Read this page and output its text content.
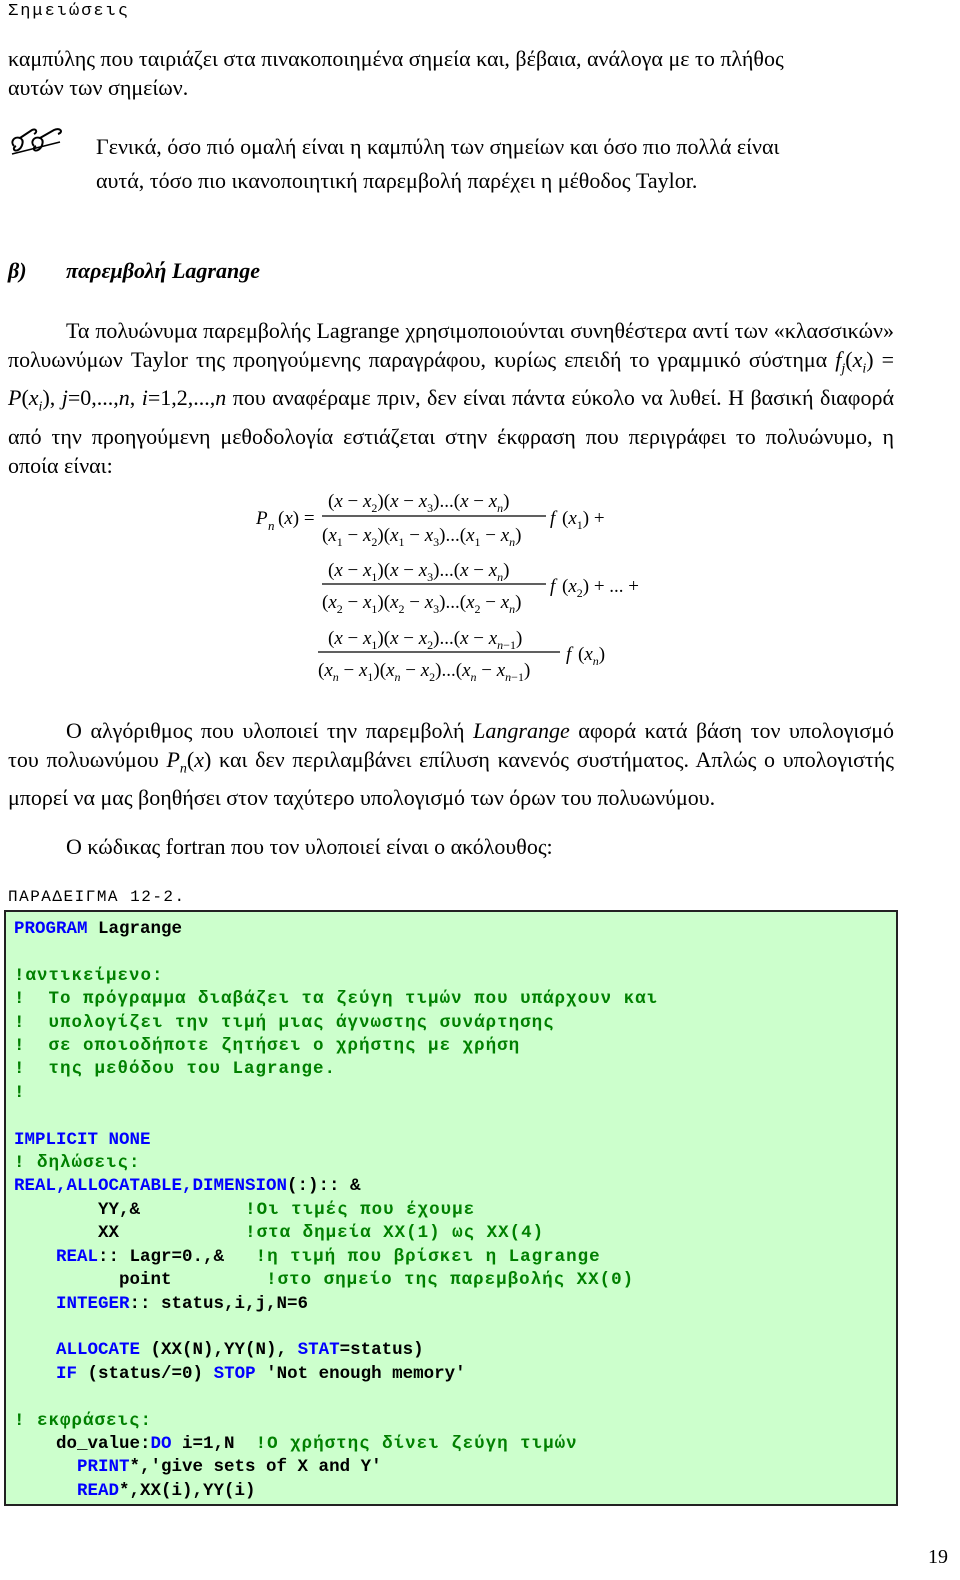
Σημειώσεις
καμπύλης που ταιριάζει στα πινακοποιημένα σημεία και, βέβαια, ανάλογα με το πλήθος
αυτών των σημείων.
Γενικά, όσο πιό ομαλή είναι η καμπύλη των σημείων και όσο πιο πολλά είναι
αυτά, τόσο πιο ικανοποιητική παρεμβολή παρέχει η μέθοδος Taylor.
β) παρεμβολή Lagrange
Τα πολυώνυμα παρεμβολής Lagrange χρησιμοποιούνται συνηθέστερα αντί των «κλασσικών» πολυωνύμων Taylor της προηγούμενης παραγράφου, κυρίως επειδή το γραμμικό σύστημα $f_j(x_i) = P(x_i)$, j=0,...,n, i=1,2,...,n που αναφέραμε πριν, δεν είναι πάντα εύκολο να λυθεί. Η βασική διαφορά από την προηγούμενη μεθοδολογία εστιάζεται στην έκφραση που περιγράφει το πολυώνυμο, η οποία είναι:
P n (x) =
$(x - x_2)(x - x_3)...(x - x_n)$
$(x_1 - x_2)(x_1 - x_3)...(x_1 - x_n)$
f $(x_1)$ +
$(x - x_1)(x - x_3)...(x - x_n)$
$(x_2 - x_1)(x_2 - x_3)...(x_2 - x_n)$
f $(x_2)$ + ... +
$(x - x_1)(x - x_2)...(x - x_{n-1})$
$(x_n - x_1)(x_n - x_2)...(x_n - x_{n-1})$
f $(x_n)$
Ο αλγόριθμος που υλοποιεί την παρεμβολή Langrange αφορά κατά βάση τον υπολογισμό του πολυωνύμου $P_n(x)$ και δεν περιλαμβάνει επίλυση κανενός συστήματος. Απλώς ο υπολογιστής μπορεί να μας βοηθήσει στον ταχύτερο υπολογισμό των όρων του πολυωνύμου.
Ο κώδικας fortran που τον υλοποιεί είναι ο ακόλουθος:
ΠΑΡΑΔΕΙΓΜΑ 12-2.
PROGRAM Lagrange

!αντικείμενο:
!  Το πρόγραμμα διαβάζει τα ζεύγη τιμών που υπάρχουν και
!  υπολογίζει την τιμή μιας άγνωστης συνάρτησης
!  σε οποιοδήποτε ζητήσει ο χρήστης με χρήση
!  της μεθόδου του Lagrange.
!

IMPLICIT NONE
! δηλώσεις:
REAL,ALLOCATABLE,DIMENSION(:):: &
YY,&	!Οι τιμές που έχουμε
XX	!στα δημεία XX(1) ως XX(4)
REAL:: Lagr=0.,& !η τιμή που βρίσκει η Lagrange
point	!στο σημείο της παρεμβολής XX(0)
INTEGER:: status,i,j,N=6

ALLOCATE (XX(N),YY(N), STAT=status)
IF (status/=0) STOP 'Not enough memory'

! εκφράσεις:
do_value:DO i=1,N !Ο χρήστης δίνει ζεύγη τιμών
PRINT*,'give sets of X and Y'
READ*,XX(i),YY(i)
19
